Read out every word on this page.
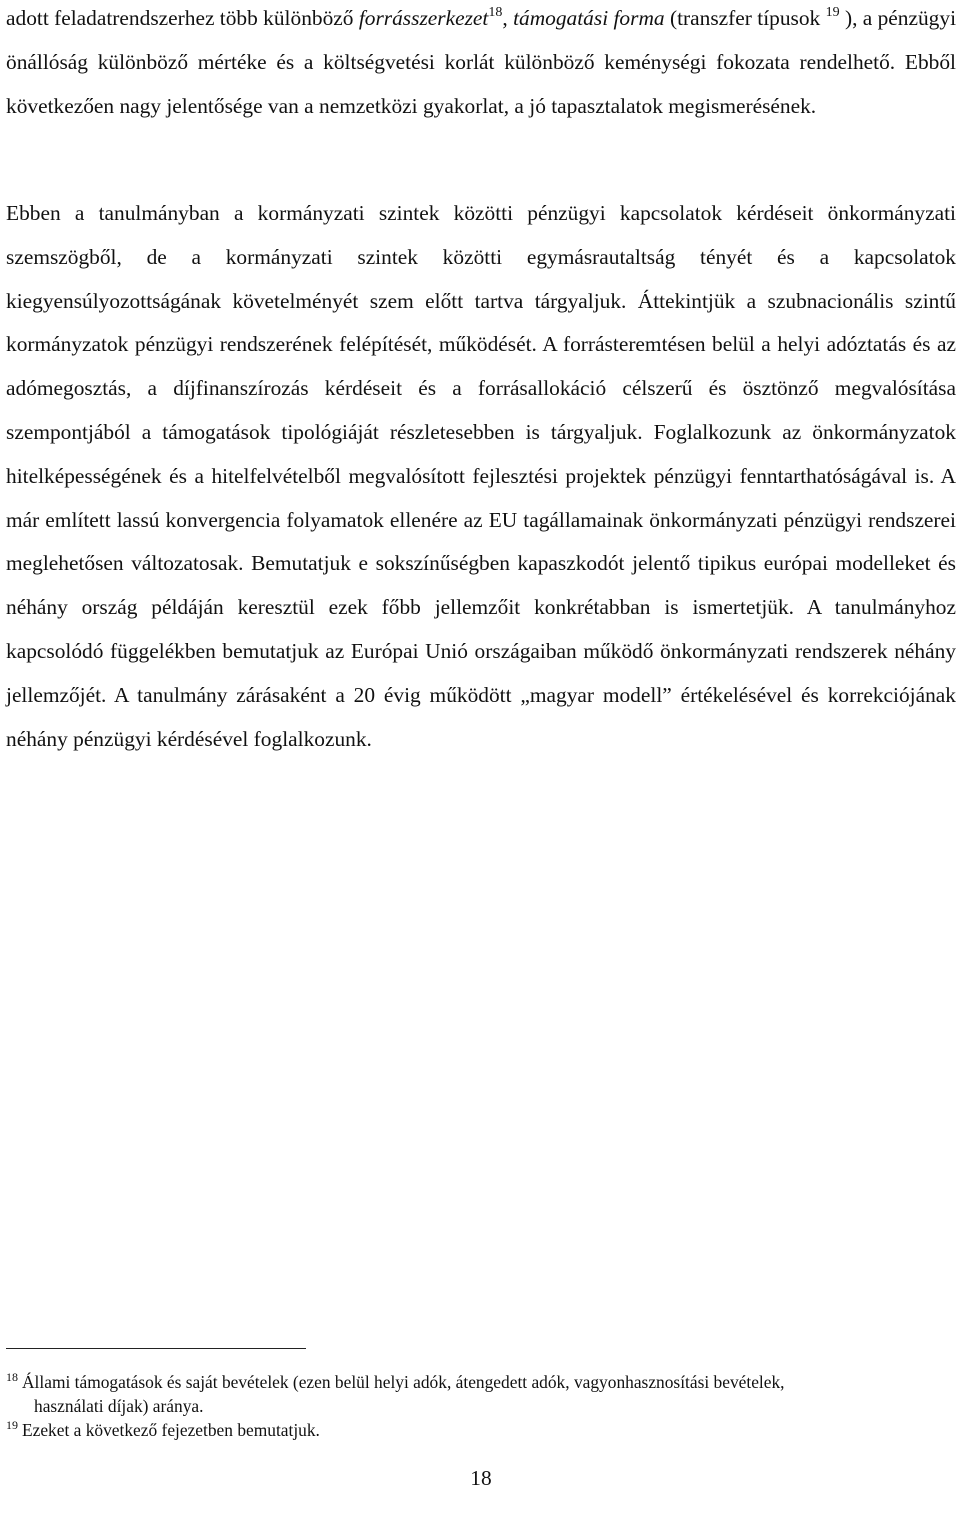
adott feladatrendszerhez több különböző forrásszerkezet$^{18}$, támogatási forma (transzfer típusok $^{19}$ ), a pénzügyi önállóság különböző mértéke és a költségvetési korlát különböző keménységi fokozata rendelhető. Ebből következően nagy jelentősége van a nemzetközi gyakorlat, a jó tapasztalatok megismerésének.

Ebben a tanulmányban a kormányzati szintek közötti pénzügyi kapcsolatok kérdéseit önkormányzati szemszögből, de a kormányzati szintek közötti egymásrautaltság tényét és a kapcsolatok kiegyensúlyozottságának követelményét szem előtt tartva tárgyaljuk. Áttekintjük a szubnacionális szintű kormányzatok pénzügyi rendszerének felépítését, működését. A forrásteremtésen belül a helyi adóztatás és az adómegosztás, a díjfinanszírozás kérdéseit és a forrásallokáció célszerű és ösztönző megvalósítása szempontjából a támogatások tipológiáját részletesebben is tárgyaljuk. Foglalkozunk az önkormányzatok hitelképességének és a hitelfelvételből megvalósított fejlesztési projektek pénzügyi fenntarthatóságával is. A már említett lassú konvergencia folyamatok ellenére az EU tagállamainak önkormányzati pénzügyi rendszerei meglehetősen változatosak. Bemutatjuk e sokszínűségben kapaszkodót jelentő tipikus európai modelleket és néhány ország példáján keresztül ezek főbb jellemzőit konkrétabban is ismertetjük. A tanulmányhoz kapcsolódó függelékben bemutatjuk az Európai Unió országaiban működő önkormányzati rendszerek néhány jellemzőjét. A tanulmány zárásaként a 20 évig működött „magyar modell” értékelésével és korrekciójának néhány pénzügyi kérdésével foglalkozunk.

$^{18}$ Állami támogatások és saját bevételek (ezen belül helyi adók, átengedett adók, vagyonhasznosítási bevételek,

használati díjak) aránya.

$^{19}$ Ezeket a következő fejezetben bemutatjuk.

18
